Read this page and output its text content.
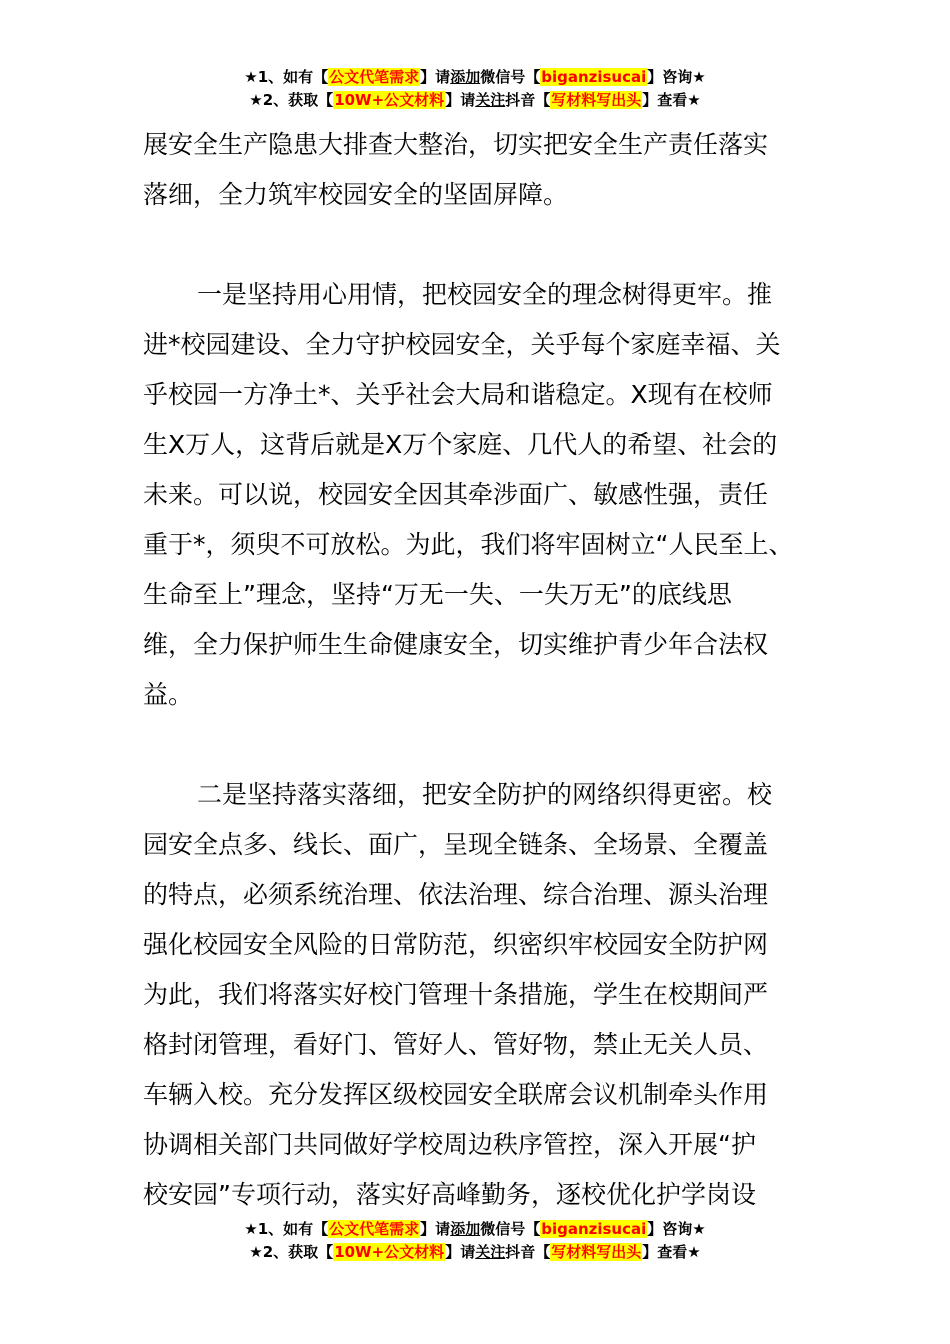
★1、如有【公文代笔需求】请添加微信号【biganzisucai】咨询★
★2、获取【10W+公文材料】请关注抖音【写材料写出头】查看★

展安全生产隐患大排查大整治，切实把安全生产责任落实

落细，全力筑牢校园安全的坚固屏障。

一是坚持用心用情，把校园安全的理念树得更牢。推

进*校园建设、全力守护校园安全，关乎每个家庭幸福、关

乎校园一方净土*、关乎社会大局和谐稳定。X现有在校师

生X万人，这背后就是X万个家庭、几代人的希望、社会的

未来。可以说，校园安全因其牵涉面广、敏感性强，责任

重于*，须臾不可放松。为此，我们将牢固树立“人民至上、

生命至上”理念，坚持“万无一失、一失万无”的底线思

维，全力保护师生生命健康安全，切实维护青少年合法权

益。

二是坚持落实落细，把安全防护的网络织得更密。校

园安全点多、线长、面广，呈现全链条、全场景、全覆盖

的特点，必须系统治理、依法治理、综合治理、源头治理

强化校园安全风险的日常防范，织密织牢校园安全防护网

为此，我们将落实好校门管理十条措施，学生在校期间严

格封闭管理，看好门、管好人、管好物，禁止无关人员、

车辆入校。充分发挥区级校园安全联席会议机制牵头作用

协调相关部门共同做好学校周边秩序管控，深入开展“护

校安园”专项行动，落实好高峰勤务，逐校优化护学岗设

★1、如有【公文代笔需求】请添加微信号【biganzisucai】咨询★
★2、获取【10W+公文材料】请关注抖音【写材料写出头】查看★
